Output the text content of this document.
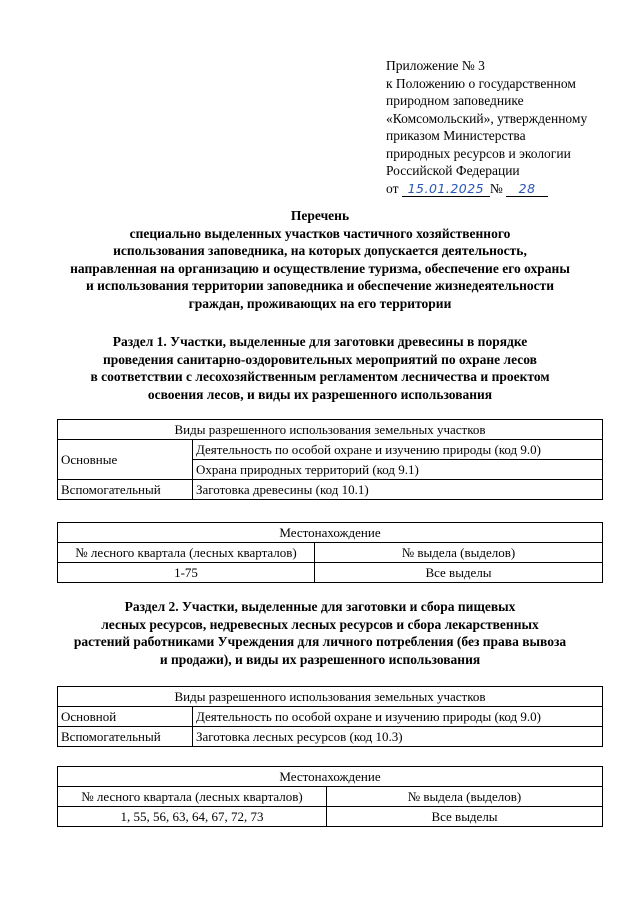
Приложение № 3
к Положению о государственном
природном заповеднике
«Комсомольский», утвержденному
приказом Министерства
природных ресурсов и экологии
Российской Федерации
от 15.01.2025 № 28
Перечень
специально выделенных участков частичного хозяйственного
использования заповедника, на которых допускается деятельность,
направленная на организацию и осуществление туризма, обеспечение его охраны
и использования территории заповедника и обеспечение жизнедеятельности
граждан, проживающих на его территории
Раздел 1. Участки, выделенные для заготовки древесины в порядке
проведения санитарно-оздоровительных мероприятий по охране лесов
в соответствии с лесохозяйственным регламентом лесничества и проектом
освоения лесов, и виды их разрешенного использования
Виды разрешенного использования земельных участков	
Основные	Деятельность по особой охране и изучению природы (код 9.0)
	Охрана природных территорий (код 9.1)
Вспомогательный	Заготовка древесины (код 10.1)
Местонахождение	
№ лесного квартала (лесных кварталов)	№ выдела (выделов)
1-75	Все выделы
Раздел 2. Участки, выделенные для заготовки и сбора пищевых
лесных ресурсов, недревесных лесных ресурсов и сбора лекарственных
растений работниками Учреждения для личного потребления (без права вывоза
и продажи), и виды их разрешенного использования
Виды разрешенного использования земельных участков	
Основной	Деятельность по особой охране и изучению природы (код 9.0)
Вспомогательный	Заготовка лесных ресурсов (код 10.3)
Местонахождение	
№ лесного квартала (лесных кварталов)	№ выдела (выделов)
1, 55, 56, 63, 64, 67, 72, 73	Все выделы
